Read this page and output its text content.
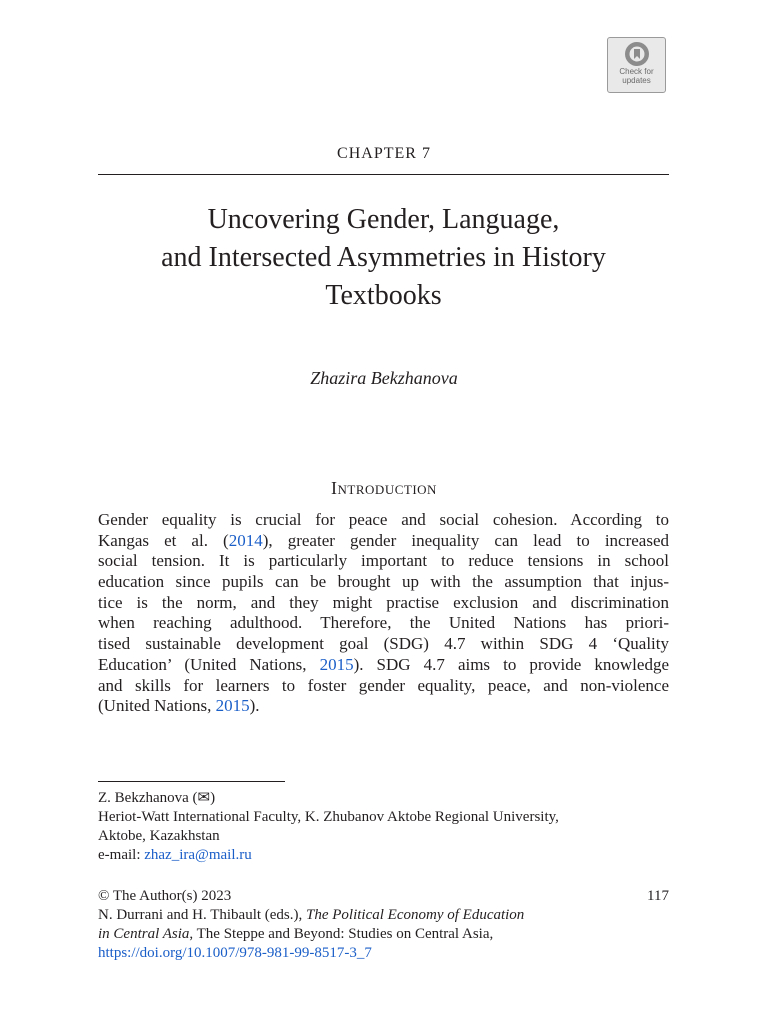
Check for
updates
CHAPTER 7
Uncovering Gender, Language,
and Intersected Asymmetries in History
Textbooks
Zhazira Bekzhanova
Introduction
Gender equality is crucial for peace and social cohesion. According to
Kangas et al. (2014), greater gender inequality can lead to increased
social tension. It is particularly important to reduce tensions in school
education since pupils can be brought up with the assumption that injus-
tice is the norm, and they might practise exclusion and discrimination
when reaching adulthood. Therefore, the United Nations has priori-
tised sustainable development goal (SDG) 4.7 within SDG 4 ‘Quality
Education’ (United Nations, 2015). SDG 4.7 aims to provide knowledge
and skills for learners to foster gender equality, peace, and non-violence
(United Nations, 2015).
Z. Bekzhanova (✉)
Heriot-Watt International Faculty, K. Zhubanov Aktobe Regional University,
Aktobe, Kazakhstan
e-mail: zhaz_ira@mail.ru
© The Author(s) 2023	117
N. Durrani and H. Thibault (eds.), The Political Economy of Education
in Central Asia, The Steppe and Beyond: Studies on Central Asia,
https://doi.org/10.1007/978-981-99-8517-3_7
